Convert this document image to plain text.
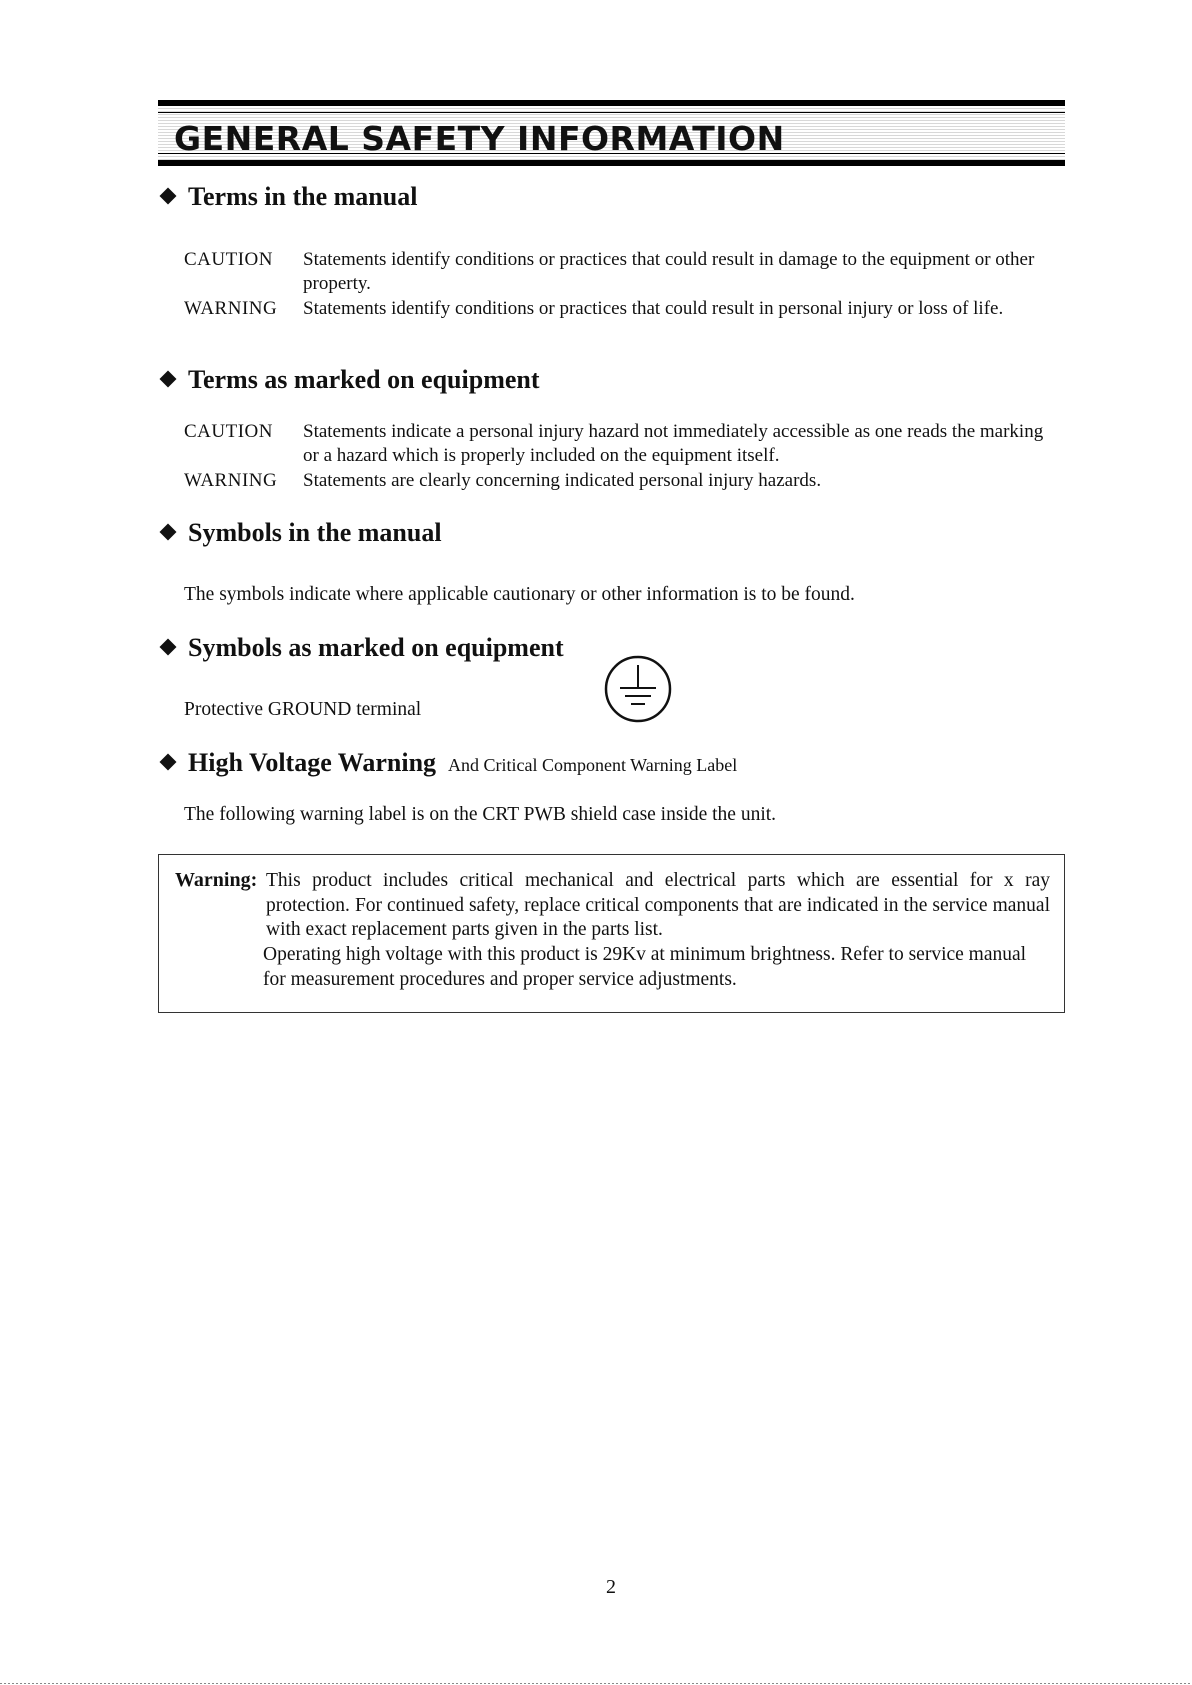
GENERAL SAFETY INFORMATION
Terms in the manual
CAUTION Statements identify conditions or practices that could result in damage to the equipment or other property.
WARNING Statements identify conditions or practices that could result in personal injury or loss of life.
Terms as marked on equipment
CAUTION Statements indicate a personal injury hazard not immediately accessible as one reads the marking or a hazard which is properly included on the equipment itself.
WARNING Statements are clearly concerning indicated personal injury hazards.
Symbols in the manual
The symbols indicate where applicable cautionary or other information is to be found.
Symbols as marked on equipment
Protective GROUND terminal
High Voltage Warning And Critical Component Warning Label
The following warning label is on the CRT PWB shield case inside the unit.
Warning: This product includes critical mechanical and electrical parts which are essential for x ray protection. For continued safety, replace critical components that are indicated in the service manual with exact replacement parts given in the parts list.
Operating high voltage with this product is 29Kv at minimum brightness. Refer to service manual for measurement procedures and proper service adjustments.
2
